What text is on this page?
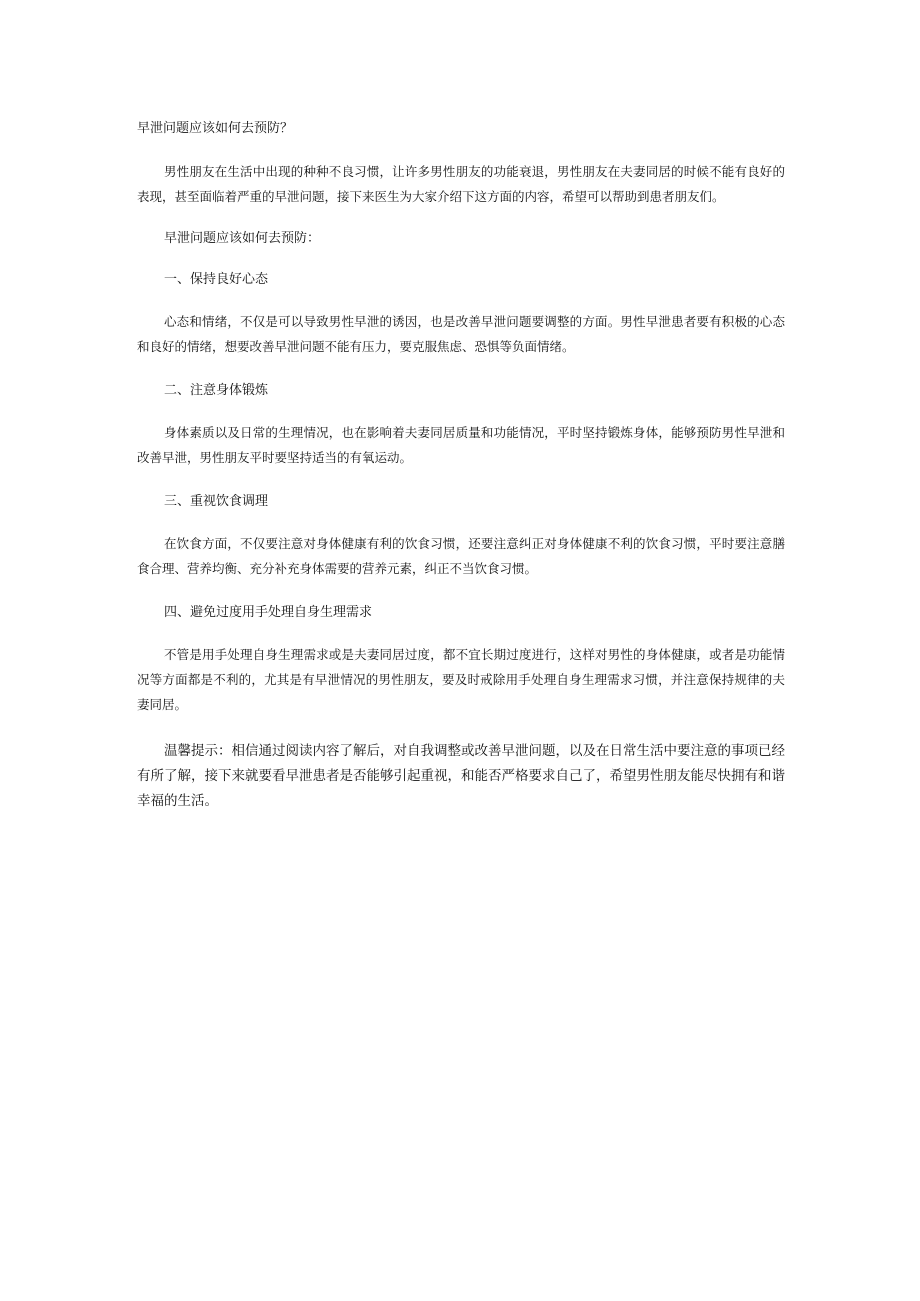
早泄问题应该如何去预防？

男性朋友在生活中出现的种种不良习惯，让许多男性朋友的功能衰退，男性朋友在夫妻同居的时候不能有良好的表现，甚至面临着严重的早泄问题，接下来医生为大家介绍下这方面的内容，希望可以帮助到患者朋友们。

早泄问题应该如何去预防：

一、保持良好心态

心态和情绪，不仅是可以导致男性早泄的诱因，也是改善早泄问题要调整的方面。男性早泄患者要有积极的心态和良好的情绪，想要改善早泄问题不能有压力，要克服焦虑、恐惧等负面情绪。

二、注意身体锻炼

身体素质以及日常的生理情况，也在影响着夫妻同居质量和功能情况，平时坚持锻炼身体，能够预防男性早泄和改善早泄，男性朋友平时要坚持适当的有氧运动。

三、重视饮食调理

在饮食方面，不仅要注意对身体健康有利的饮食习惯，还要注意纠正对身体健康不利的饮食习惯，平时要注意膳食合理、营养均衡、充分补充身体需要的营养元素，纠正不当饮食习惯。

四、避免过度用手处理自身生理需求

不管是用手处理自身生理需求或是夫妻同居过度，都不宜长期过度进行，这样对男性的身体健康，或者是功能情况等方面都是不利的，尤其是有早泄情况的男性朋友，要及时戒除用手处理自身生理需求习惯，并注意保持规律的夫妻同居。

温馨提示：相信通过阅读内容了解后，对自我调整或改善早泄问题，以及在日常生活中要注意的事项已经有所了解，接下来就要看早泄患者是否能够引起重视，和能否严格要求自己了，希望男性朋友能尽快拥有和谐幸福的生活。
